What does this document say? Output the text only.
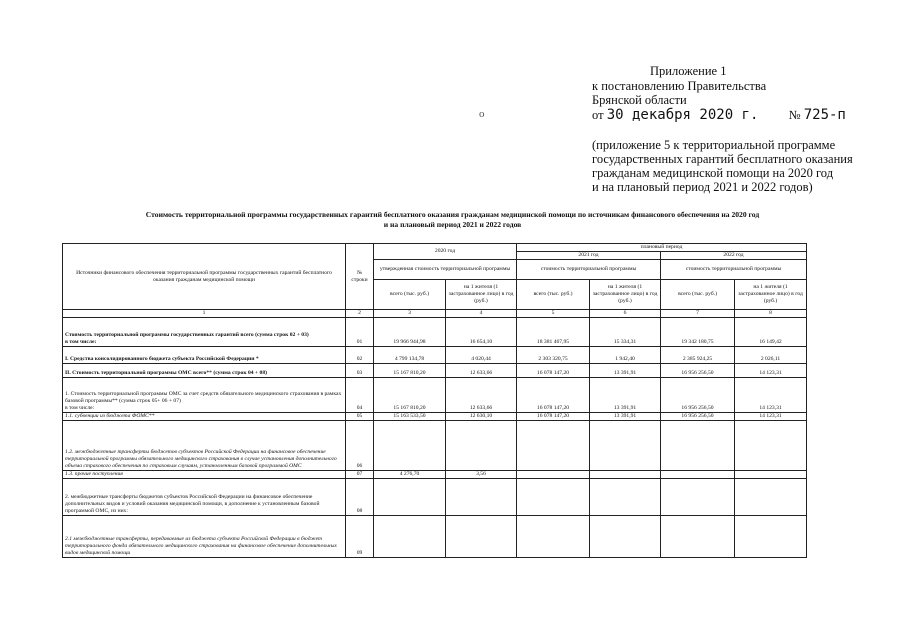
Приложение 1
к постановлению Правительства
Брянской области
от 30 декабря 2020 г. № 725-п
о
(приложение 5 к территориальной программе
государственных гарантий бесплатного оказания
гражданам медицинской помощи на 2020 год
и на плановый период 2021 и 2022 годов)
Стоимость территориальной программы государственных гарантий бесплатного оказания гражданам медицинской помощи по источникам финансового обеспечения на 2020 год
и на плановый период 2021 и 2022 годов
Источники финансового обеспечения территориальной программы государственных гарантий бесплатного оказания гражданам медицинской помощи	№ строки	2020 год		плановый период			
				2021 год		2022 год	
		утвержденная стоимость территориальной программы		стоимость территориальной программы		стоимость территориальной программы	
		всего (тыс. руб.)	на 1 жителя (1 застрахованное лицо) в год (руб.)	всего (тыс. руб.)	на 1 жителя (1 застрахованное лицо) в год (руб.)	всего (тыс. руб.)	на 1 жителя (1 застрахованное лицо) в год (руб.)
1	2	3	4	5	6	7	8

Стоимость территориальной программы государственных гарантий всего (сумма строк 02 + 03)
в том числе:	01	19 966 944,98	16 654,10	18 381 467,95	15 334,31	19 342 180,75	16 149,42
I. Средства консолидированного бюджета субъекта Российской Федерации *	02	4 799 134,78	4 020,44	2 303 320,75	1 942,40	2 385 924,25	2 026,11
II. Стоимость территориальной программы ОМС всего** (сумма строк 04 + 08)	03	15 167 810,20	12 633,66	16 078 147,20	13 391,91	16 956 256,50	14 123,31

1. Стоимость территориальной программы ОМС за счет средств обязательного медицинского страхования в рамках базовой программы** (сумма строк 05+ 06 + 07)
в том числе:	04	15 167 810,20	12 633,66	16 078 147,20	13 391,91	16 956 256,50	14 123,31
1.1. субвенции из бюджета ФОМС**	05	15 163 533,50	12 630,10	16 078 147,20	13 391,91	16 956 256,50	14 123,31
1.2. межбюджетные трансферты бюджетов субъектов Российской Федерации на финансовое обеспечение территориальной программы обязательного медицинского страхования в случае установления дополнительного объема страхового обеспечения по страховым случаям, установленным базовой программой ОМС	06						
1.3. прочие поступления	07	4 276,70	3,56				
2. межбюджетные трансферты бюджетов субъектов Российской Федерации на финансовое обеспечение дополнительных видов и условий оказания медицинской помощи, в дополнение к установленным базовой программой ОМС, из них:	08						
2.1 межбюджетные трансферты, передаваемые из бюджета субъекта Российской Федерации в бюджет территориального фонда обязательного медицинского страхования на финансовое обеспечение дополнительных видов медицинской помощи	09						
